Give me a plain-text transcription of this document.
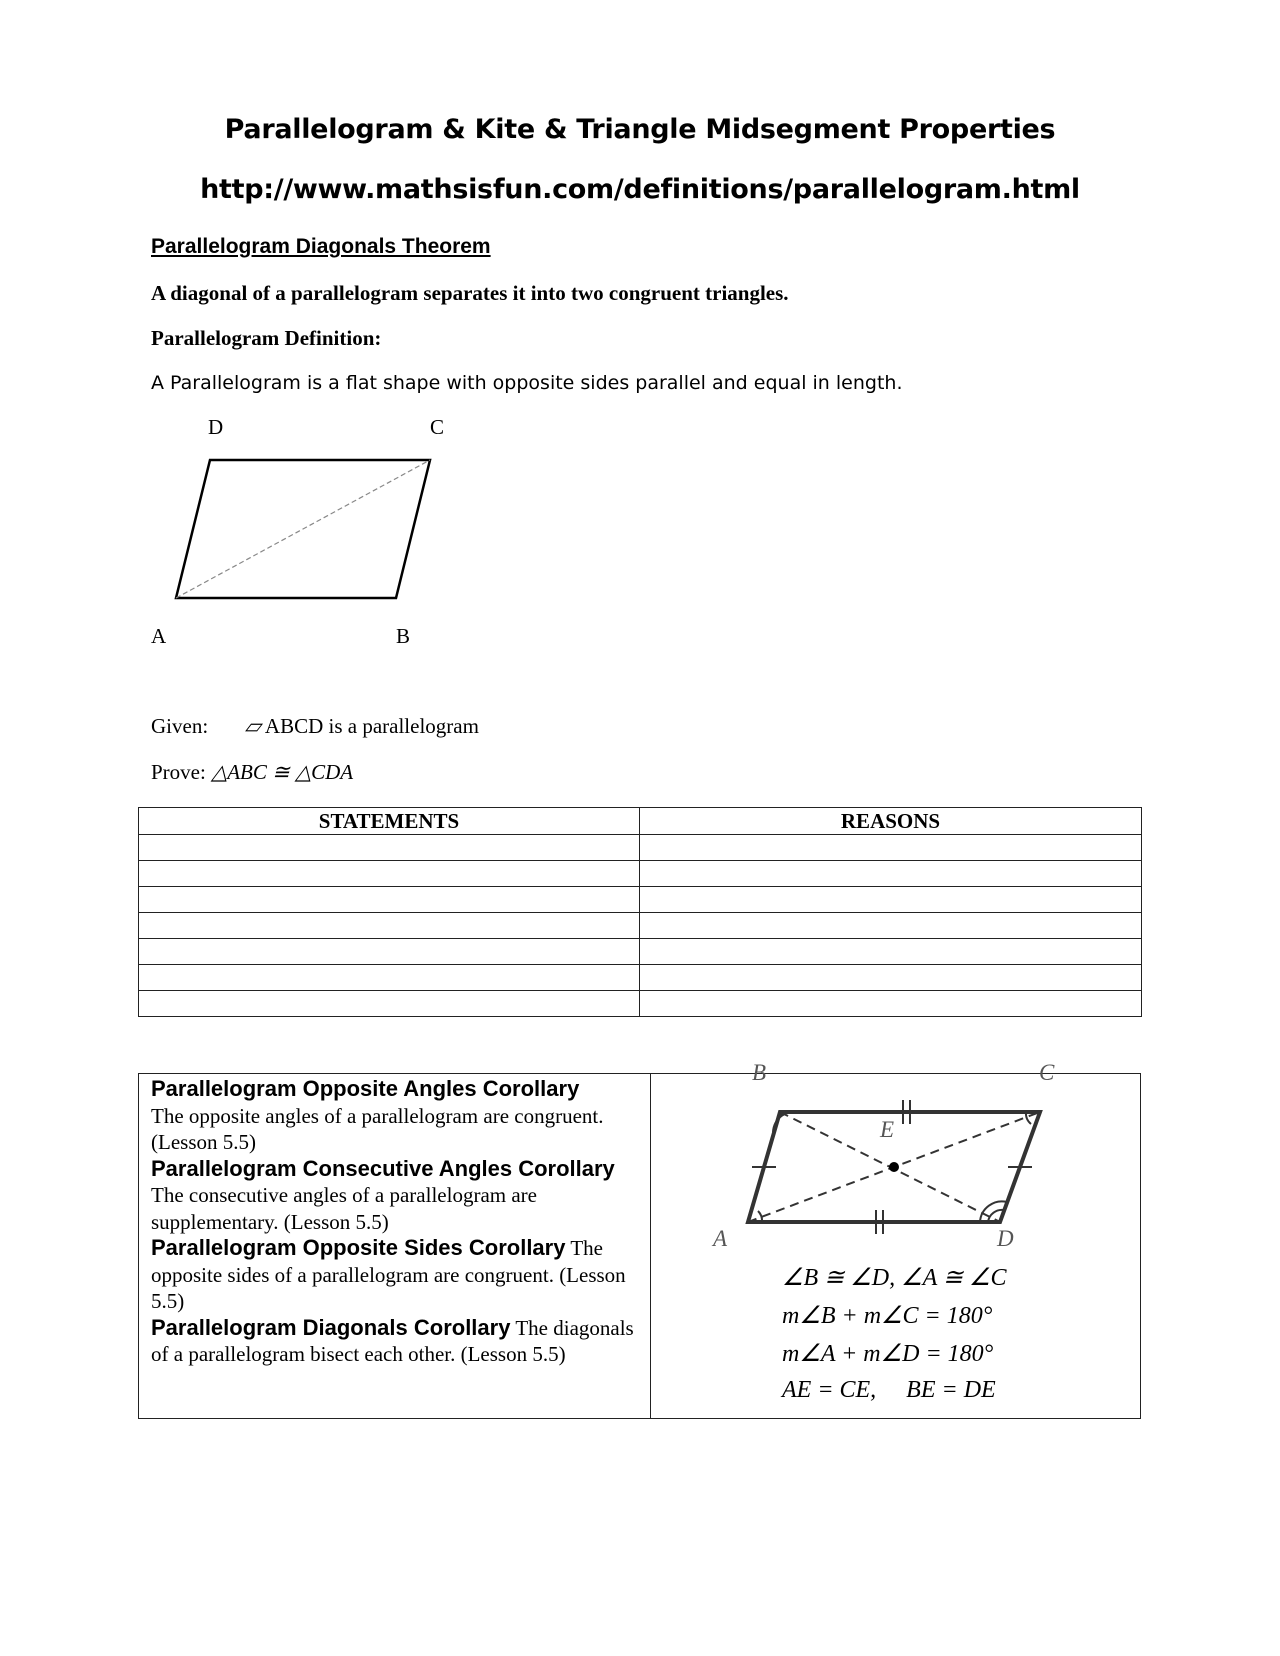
Parallelogram & Kite & Triangle Midsegment Properties
http://www.mathsisfun.com/definitions/parallelogram.html
Parallelogram Diagonals Theorem
A diagonal of a parallelogram separates it into two congruent triangles.
Parallelogram Definition:
A Parallelogram is a flat shape with opposite sides parallel and equal in length.
D	C
A	B
Given: ▱ ABCD is a parallelogram
Prove: △ABC ≅ △CDA
STATEMENTS	REASONS

Parallelogram Opposite Angles Corollary
The opposite angles of a parallelogram are congruent. (Lesson 5.5)
Parallelogram Consecutive Angles Corollary
The consecutive angles of a parallelogram are supplementary. (Lesson 5.5)
Parallelogram Opposite Sides Corollary The opposite sides of a parallelogram are congruent. (Lesson 5.5)
Parallelogram Diagonals Corollary The diagonals of a parallelogram bisect each other. (Lesson 5.5)
B	C
E
A	D
∠B ≅ ∠D, ∠A ≅ ∠C
m∠B + m∠C = 180°
m∠A + m∠D = 180°
AE = CE,     BE = DE
